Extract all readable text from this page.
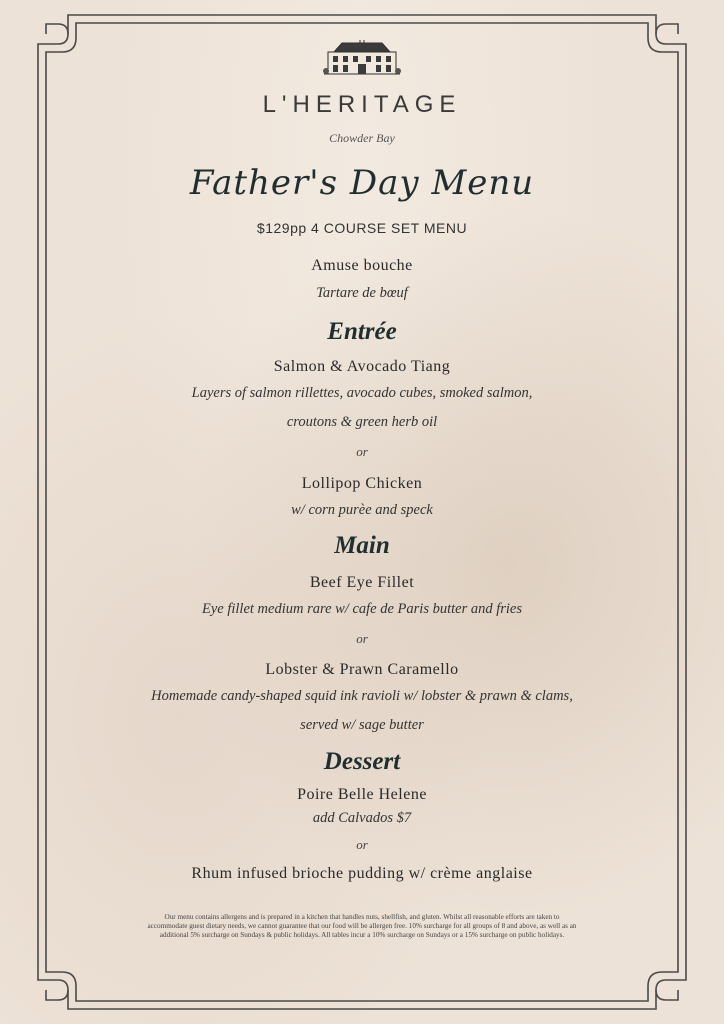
L'HERITAGE
Chowder Bay
Father's Day Menu
$129pp 4 COURSE SET MENU
Amuse bouche
Tartare de bœuf
Entrée
Salmon & Avocado Tiang
Layers of salmon rillettes, avocado cubes, smoked salmon,
croutons & green herb oil
or
Lollipop Chicken
w/ corn purèe and speck
Main
Beef Eye Fillet
Eye fillet medium rare w/ cafe de Paris butter and fries
or
Lobster & Prawn Caramello
Homemade candy-shaped squid ink ravioli w/ lobster & prawn & clams,
served w/ sage butter
Dessert
Poire Belle Helene
add Calvados $7
or
Rhum infused brioche pudding w/ crème anglaise
Our menu contains allergens and is prepared in a kitchen that handles nuts, shellfish, and gluten. Whilst all reasonable efforts are taken to
accommodate guest dietary needs, we cannot guarantee that our food will be allergen free. 10% surcharge for all groups of 8 and above, as well as an
additional 5% surcharge on Sundays & public holidays. All tables incur a 10% surcharge on Sundays or a 15% surcharge on public holidays.
